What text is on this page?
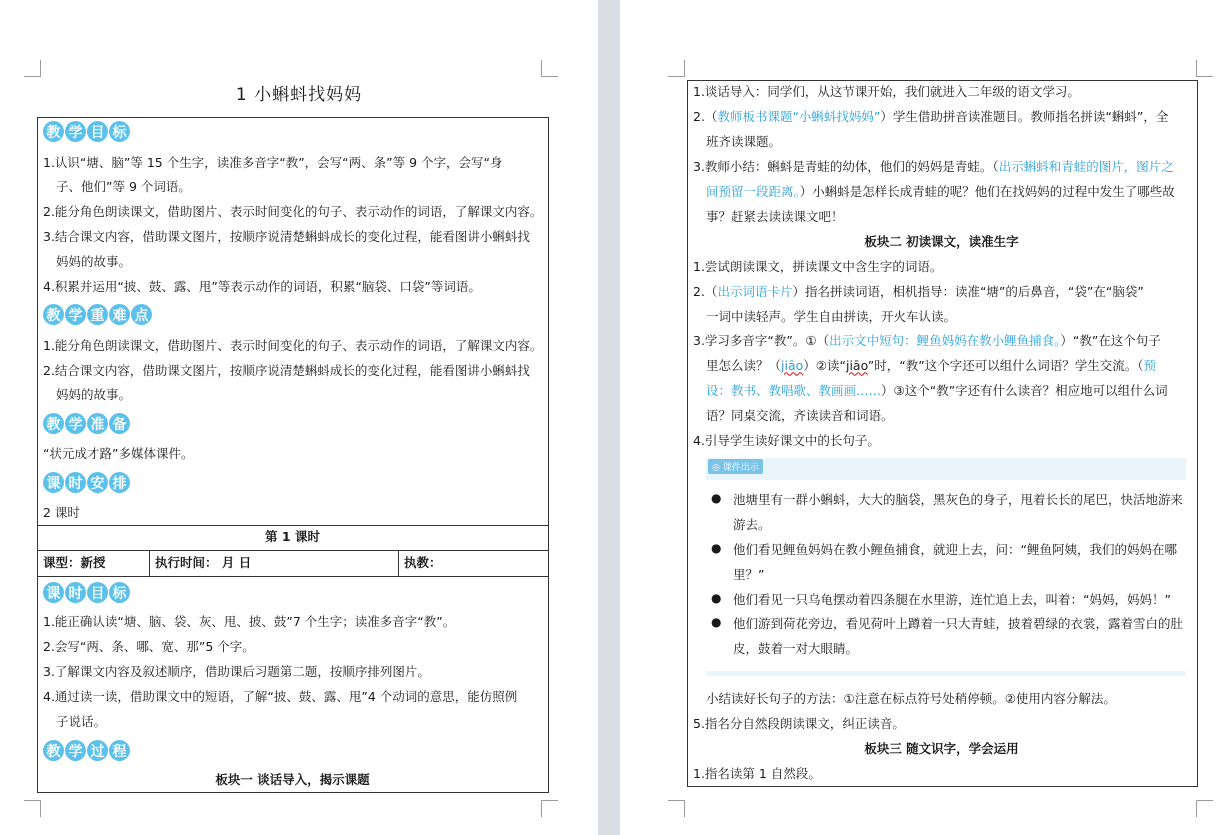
1 小蝌蚪找妈妈
教 学 目 标
1.认识“塘、脑”等 15 个生字，读准多音字“教”，会写“两、条”等 9 个字，会写“身
子、他们”等 9 个词语。
2.能分角色朗读课文，借助图片、表示时间变化的句子、表示动作的词语，了解课文内容。
3.结合课文内容，借助课文图片，按顺序说清楚蝌蚪成长的变化过程，能看图讲小蝌蚪找
妈妈的故事。
4.积累并运用“披、鼓、露、甩”等表示动作的词语，积累“脑袋、口袋”等词语。
教 学 重 难 点
1.能分角色朗读课文，借助图片、表示时间变化的句子、表示动作的词语，了解课文内容。
2.结合课文内容，借助课文图片，按顺序说清楚蝌蚪成长的变化过程，能看图讲小蝌蚪找
妈妈的故事。
教 学 准 备
“状元成才路”多媒体课件。
课 时 安 排
2 课时
第 1 课时
课型：新授	执行时间： 月 日	执教：
课 时 目 标
1.能正确认读“塘、脑、袋、灰、甩、披、鼓”7 个生字；读准多音字“教”。
2.会写“两、条、哪、宽、那”5 个字。
3.了解课文内容及叙述顺序，借助课后习题第二题，按顺序排列图片。
4.通过读一读，借助课文中的短语，了解“披、鼓、露、甩”4 个动词的意思，能仿照例
子说话。
教 学 过 程
板块一 谈话导入，揭示课题
1.谈话导入：同学们，从这节课开始，我们就进入二年级的语文学习。
2.（教师板书课题“小蝌蚪找妈妈”）学生借助拼音读准题目。教师指名拼读“蝌蚪”，全
班齐读课题。
3.教师小结：蝌蚪是青蛙的幼体，他们的妈妈是青蛙。（出示蝌蚪和青蛙的图片，图片之
间预留一段距离。）小蝌蚪是怎样长成青蛙的呢？他们在找妈妈的过程中发生了哪些故
事？赶紧去读读课文吧！
板块二 初读课文，读准生字
1.尝试朗读课文，拼读课文中含生字的词语。
2.（出示词语卡片）指名拼读词语，相机指导：读准“塘”的后鼻音，“袋”在“脑袋”
一词中读轻声。学生自由拼读，开火车认读。
3.学习多音字“教”。①（出示文中短句：鲤鱼妈妈在教小鲤鱼捕食。）“教”在这个句子
里怎么读？（jiāo）②读“jiāo”时，“教”这个字还可以组什么词语？学生交流。（预
设：教书、教唱歌、教画画……）③这个“教”字还有什么读音？相应地可以组什么词
语？同桌交流，齐读读音和词语。
4.引导学生读好课文中的长句子。
◎ 课件出示
● 池塘里有一群小蝌蚪，大大的脑袋，黑灰色的身子，甩着长长的尾巴，快活地游来
游去。
● 他们看见鲤鱼妈妈在教小鲤鱼捕食，就迎上去，问：“鲤鱼阿姨，我们的妈妈在哪
里？”
● 他们看见一只乌龟摆动着四条腿在水里游，连忙追上去，叫着：“妈妈，妈妈！”
● 他们游到荷花旁边，看见荷叶上蹲着一只大青蛙，披着碧绿的衣裳，露着雪白的肚
皮，鼓着一对大眼睛。
小结读好长句子的方法：①注意在标点符号处稍停顿。②使用内容分解法。
5.指名分自然段朗读课文，纠正读音。
板块三 随文识字，学会运用
1.指名读第 1 自然段。
